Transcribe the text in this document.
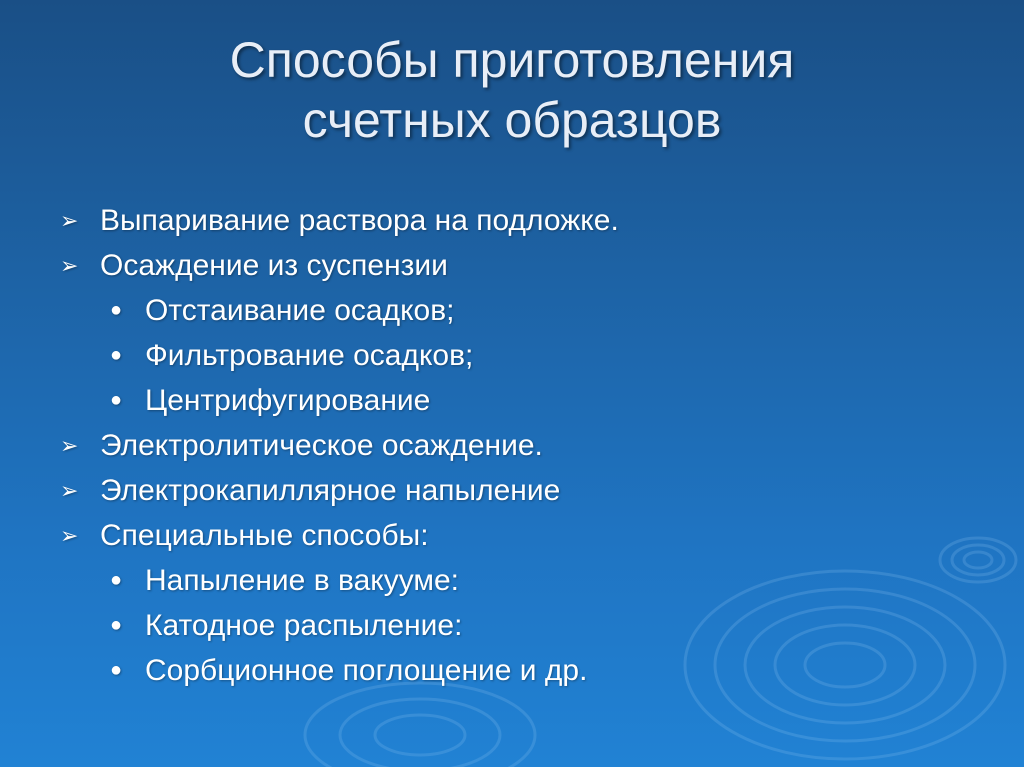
Способы приготовления
счетных образцов
➢ Выпаривание раствора на подложке.
➢ Осаждение из суспензии
● Отстаивание осадков;
● Фильтрование осадков;
● Центрифугирование
➢ Электролитическое осаждение.
➢ Электрокапиллярное напыление
➢ Специальные способы:
● Напыление в вакууме:
● Катодное распыление:
● Сорбционное поглощение и др.
